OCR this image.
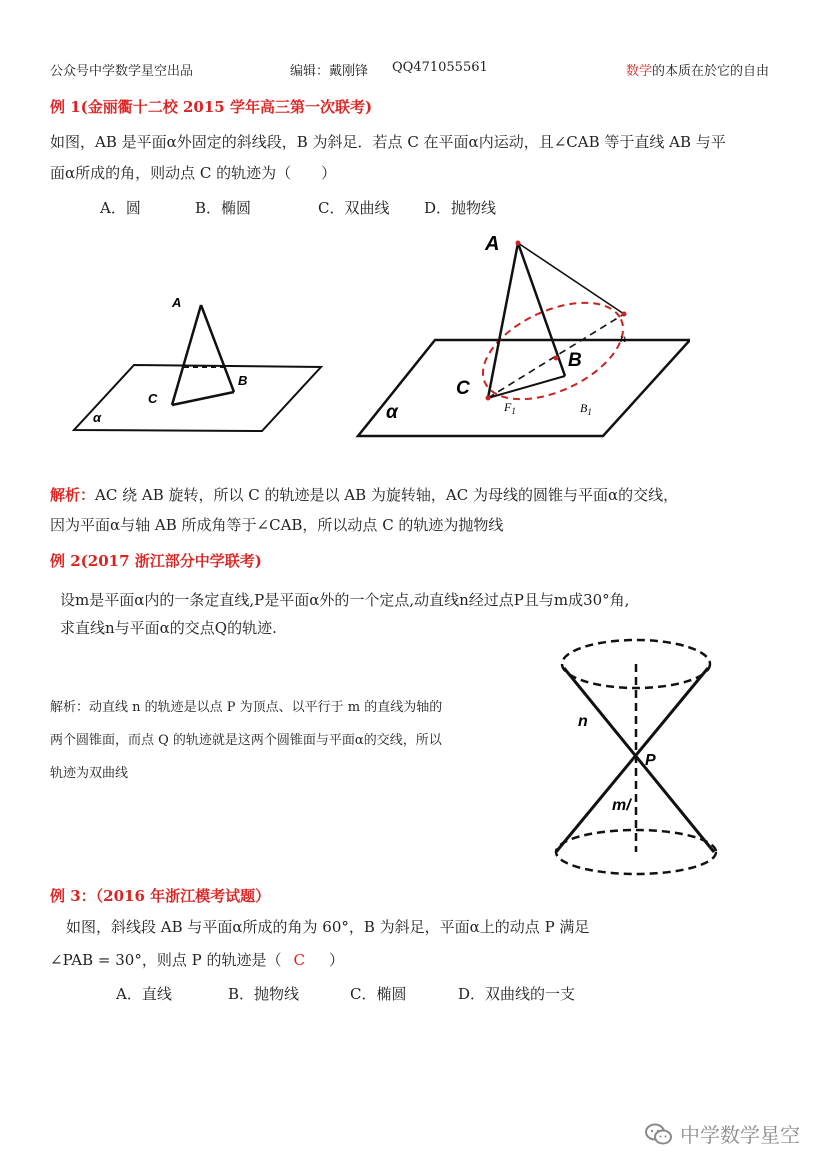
公众号中学数学星空出品	编辑：戴刚锋 QQ471055561	数学的本质在於它的自由
例 1(金丽衢十二校 2015 学年高三第一次联考)
如图，AB 是平面α外固定的斜线段，B 为斜足．若点 C 在平面α内运动，且∠CAB 等于直线 AB 与平
面α所成的角，则动点 C 的轨迹为（　　）
A．圆	B．椭圆	C．双曲线 D．抛物线
A
B
C
α
A
B
C
α	$F_1$	$B_1$
n
解析：AC 绕 AB 旋转，所以 C 的轨迹是以 AB 为旋转轴，AC 为母线的圆锥与平面α的交线，
因为平面α与轴 AB 所成角等于∠CAB，所以动点 C 的轨迹为抛物线
例 2(2017 浙江部分中学联考)
设m是平面α内的一条定直线,P是平面α外的一个定点,动直线n经过点P且与m成30°角,
求直线n与平面α的交点Q的轨迹.
解析：动直线 n 的轨迹是以点 P 为顶点、以平行于 m 的直线为轴的
两个圆锥面，而点 Q 的轨迹就是这两个圆锥面与平面α的交线，所以
轨迹为双曲线
n
P
m/
例 3：（2016 年浙江模考试题）
如图，斜线段 AB 与平面α所成的角为 60°，B 为斜足，平面α上的动点 P 满足
∠PAB = 30°，则点 P 的轨迹是（ C ）
A．直线	B．抛物线	C．椭圆	D．双曲线的一支
中学数学星空
